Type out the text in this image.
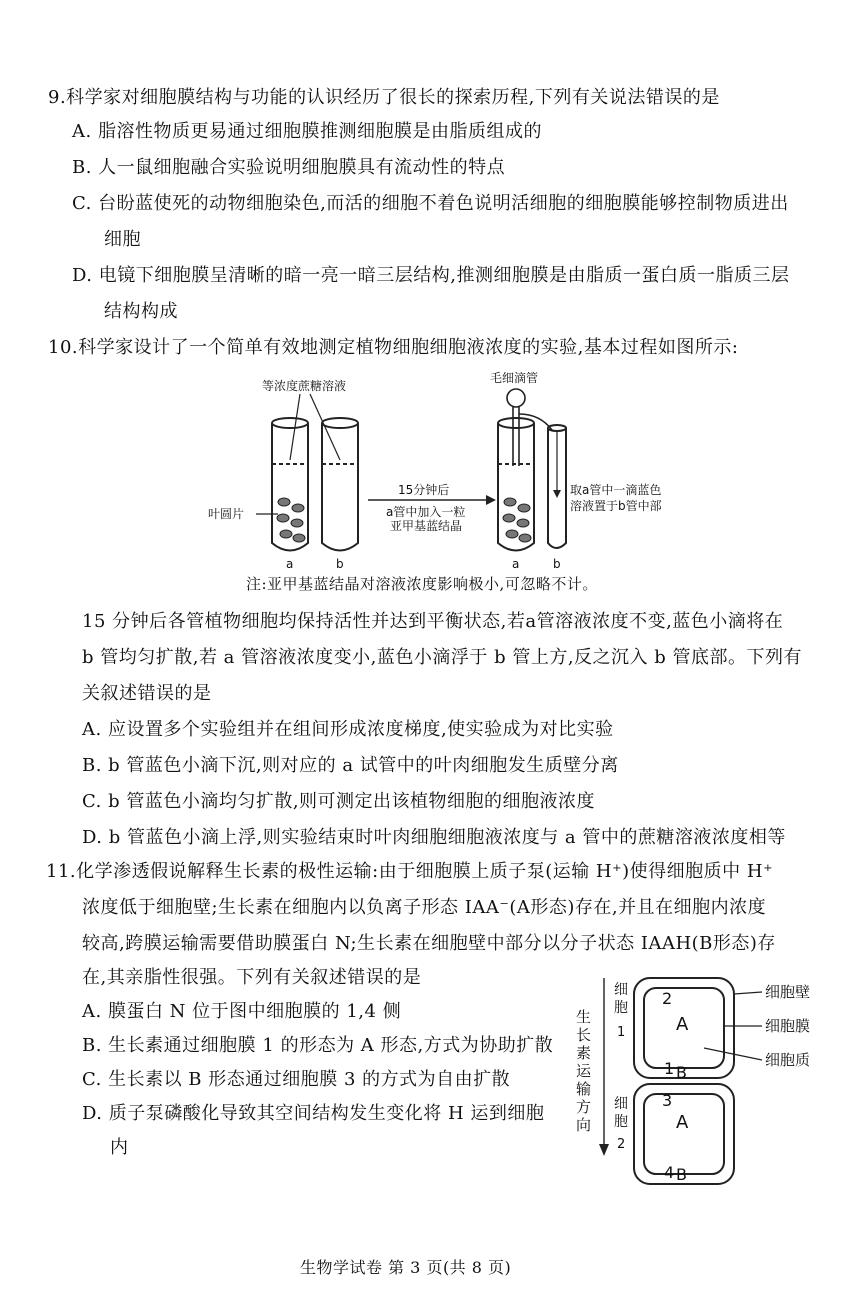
9.科学家对细胞膜结构与功能的认识经历了很长的探索历程,下列有关说法错误的是
A. 脂溶性物质更易通过细胞膜推测细胞膜是由脂质组成的
B. 人一鼠细胞融合实验说明细胞膜具有流动性的特点
C. 台盼蓝使死的动物细胞染色,而活的细胞不着色说明活细胞的细胞膜能够控制物质进出
细胞
D. 电镜下细胞膜呈清晰的暗一亮一暗三层结构,推测细胞膜是由脂质一蛋白质一脂质三层
结构构成
10.科学家设计了一个简单有效地测定植物细胞细胞液浓度的实验,基本过程如图所示:
等浓度蔗糖溶液
叶圆片
a	b
15分钟后
a管中加入一粒
亚甲基蓝结晶
毛细滴管
取a管中一滴蓝色
溶液置于b管中部
a	b
注:亚甲基蓝结晶对溶液浓度影响极小,可忽略不计。
15 分钟后各管植物细胞均保持活性并达到平衡状态,若a管溶液浓度不变,蓝色小滴将在
b 管均匀扩散,若 a 管溶液浓度变小,蓝色小滴浮于 b 管上方,反之沉入 b 管底部。下列有
关叙述错误的是
A. 应设置多个实验组并在组间形成浓度梯度,使实验成为对比实验
B. b 管蓝色小滴下沉,则对应的 a 试管中的叶肉细胞发生质壁分离
C. b 管蓝色小滴均匀扩散,则可测定出该植物细胞的细胞液浓度
D. b 管蓝色小滴上浮,则实验结束时叶肉细胞细胞液浓度与 a 管中的蔗糖溶液浓度相等
11.化学渗透假说解释生长素的极性运输:由于细胞膜上质子泵(运输 H⁺)使得细胞质中 H⁺
浓度低于细胞壁;生长素在细胞内以负离子形态 IAA⁻(A形态)存在,并且在细胞内浓度
较高,跨膜运输需要借助膜蛋白 N;生长素在细胞壁中部分以分子状态 IAAH(B形态)存
在,其亲脂性很强。下列有关叙述错误的是
A. 膜蛋白 N 位于图中细胞膜的 1,4 侧
B. 生长素通过细胞膜 1 的形态为 A 形态,方式为协助扩散
C. 生长素以 B 形态通过细胞膜 3 的方式为自由扩散
D. 质子泵磷酸化导致其空间结构发生变化将 H 运到细胞
内
生
长
素
运
输
方
向
细
胞
1
细
胞
2
2
A
1 B
3
A
4 B
细胞壁
细胞膜
细胞质
生物学试卷 第 3 页(共 8 页)
